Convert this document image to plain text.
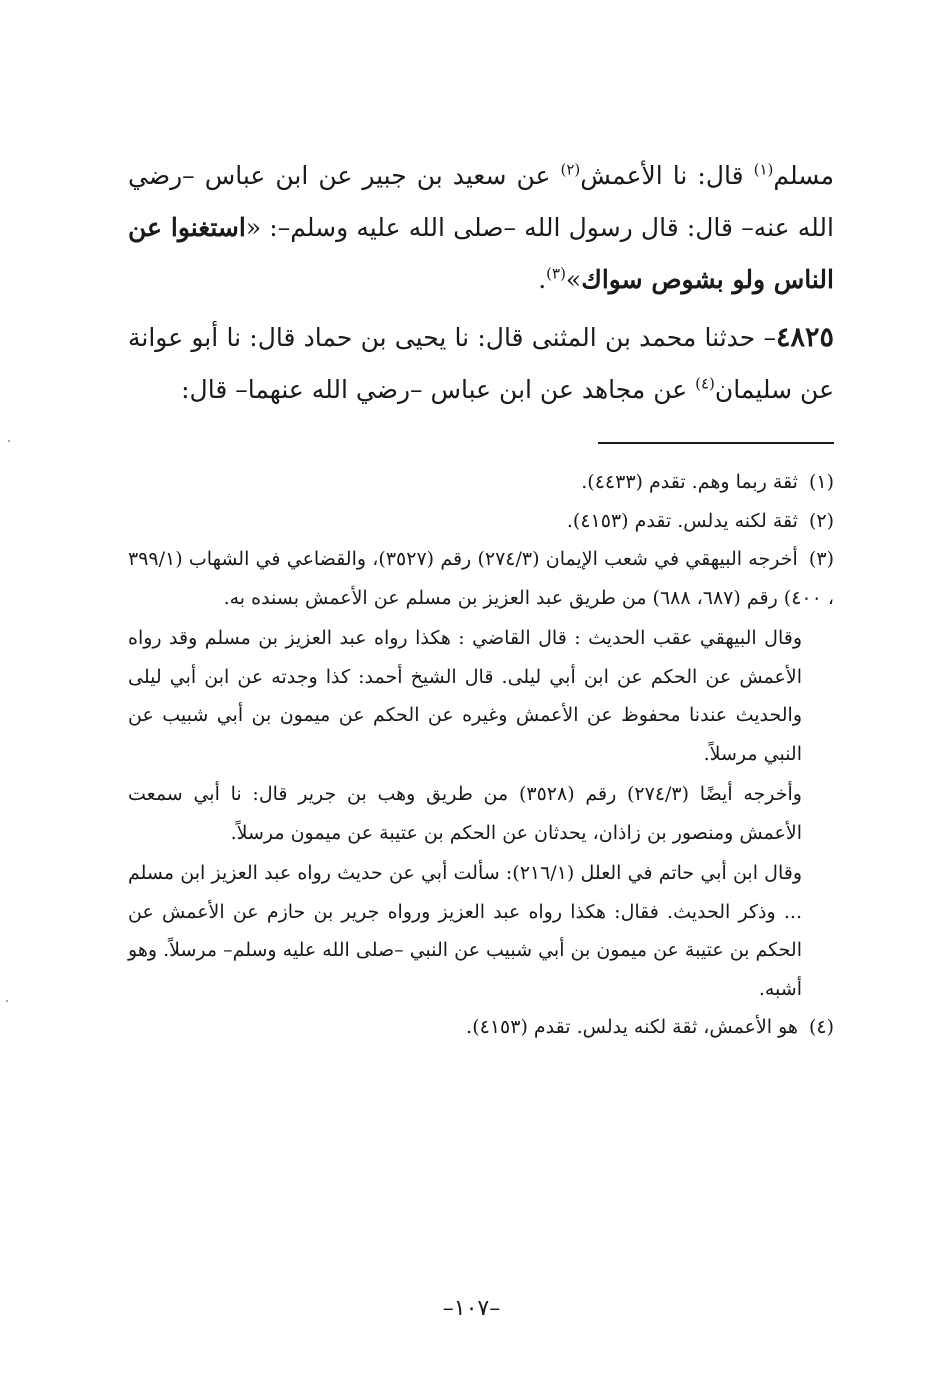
مسلم$^{(١)}$ قال: نا الأعمش$^{(٢)}$ عن سعيد بن جبير عن ابن عباس –رضي الله عنه– قال: قال رسول الله –صلى الله عليه وسلم–: «استغنوا عن الناس ولو بشوص سواك»$^{(٣)}$.

٤٨٢٥– حدثنا محمد بن المثنى قال: نا يحيى بن حماد قال: نا أبو عوانة عن سليمان$^{(٤)}$ عن مجاهد عن ابن عباس –رضي الله عنهما– قال:

(١) ثقة ربما وهم. تقدم (٤٤٣٣).

(٢) ثقة لكنه يدلس. تقدم (٤١٥٣).

(٣) أخرجه البيهقي في شعب الإيمان (٢٧٤/٣) رقم (٣٥٢٧)، والقضاعي في الشهاب (٣٩٩/١ ، ٤٠٠) رقم (٦٨٧، ٦٨٨) من طريق عبد العزيز بن مسلم عن الأعمش بسنده به.

وقال البيهقي عقب الحديث : قال القاضي : هكذا رواه عبد العزيز بن مسلم وقد رواه الأعمش عن الحكم عن ابن أبي ليلى. قال الشيخ أحمد: كذا وجدته عن ابن أبي ليلى والحديث عندنا محفوظ عن الأعمش وغيره عن الحكم عن ميمون بن أبي شبيب عن النبي مرسلاً.

وأخرجه أيضًا (٢٧٤/٣) رقم (٣٥٢٨) من طريق وهب بن جرير قال: نا أبي سمعت الأعمش ومنصور بن زاذان، يحدثان عن الحكم بن عتيبة عن ميمون مرسلاً.

وقال ابن أبي حاتم في العلل (٢١٦/١): سألت أبي عن حديث رواه عبد العزيز ابن مسلم ... وذكر الحديث. فقال: هكذا رواه عبد العزيز ورواه جرير بن حازم عن الأعمش عن الحكم بن عتيبة عن ميمون بن أبي شبيب عن النبي –صلى الله عليه وسلم– مرسلاً. وهو أشبه.

(٤) هو الأعمش، ثقة لكنه يدلس. تقدم (٤١٥٣).

–١٠٧–
